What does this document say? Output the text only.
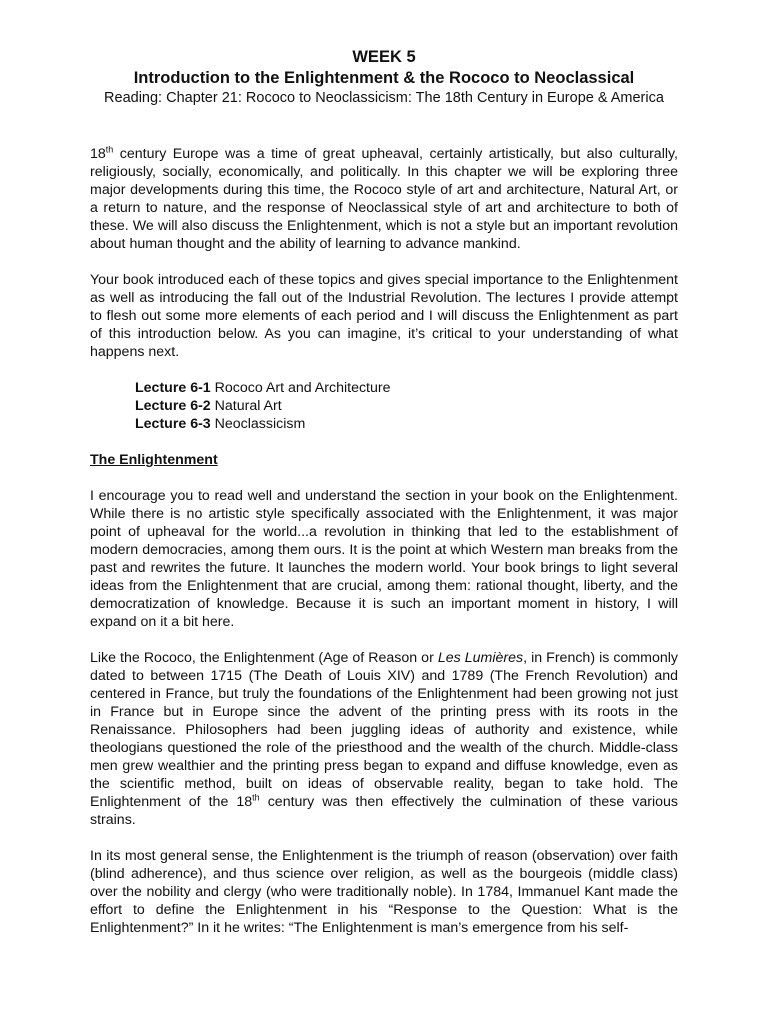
WEEK 5

Introduction to the Enlightenment & the Rococo to Neoclassical

Reading: Chapter 21: Rococo to Neoclassicism: The 18th Century in Europe & America

18th century Europe was a time of great upheaval, certainly artistically, but also culturally, religiously, socially, economically, and politically. In this chapter we will be exploring three major developments during this time, the Rococo style of art and architecture, Natural Art, or a return to nature, and the response of Neoclassical style of art and architecture to both of these. We will also discuss the Enlightenment, which is not a style but an important revolution about human thought and the ability of learning to advance mankind.

Your book introduced each of these topics and gives special importance to the Enlightenment as well as introducing the fall out of the Industrial Revolution. The lectures I provide attempt to flesh out some more elements of each period and I will discuss the Enlightenment as part of this introduction below. As you can imagine, it’s critical to your understanding of what happens next.

Lecture 6-1 Rococo Art and Architecture
Lecture 6-2 Natural Art
Lecture 6-3 Neoclassicism
The Enlightenment

I encourage you to read well and understand the section in your book on the Enlightenment. While there is no artistic style specifically associated with the Enlightenment, it was major point of upheaval for the world...a revolution in thinking that led to the establishment of modern democracies, among them ours. It is the point at which Western man breaks from the past and rewrites the future. It launches the modern world. Your book brings to light several ideas from the Enlightenment that are crucial, among them: rational thought, liberty, and the democratization of knowledge. Because it is such an important moment in history, I will expand on it a bit here.

Like the Rococo, the Enlightenment (Age of Reason or Les Lumières, in French) is commonly dated to between 1715 (The Death of Louis XIV) and 1789 (The French Revolution) and centered in France, but truly the foundations of the Enlightenment had been growing not just in France but in Europe since the advent of the printing press with its roots in the Renaissance. Philosophers had been juggling ideas of authority and existence, while theologians questioned the role of the priesthood and the wealth of the church. Middle-class men grew wealthier and the printing press began to expand and diffuse knowledge, even as the scientific method, built on ideas of observable reality, began to take hold. The Enlightenment of the 18th century was then effectively the culmination of these various strains.

In its most general sense, the Enlightenment is the triumph of reason (observation) over faith (blind adherence), and thus science over religion, as well as the bourgeois (middle class) over the nobility and clergy (who were traditionally noble). In 1784, Immanuel Kant made the effort to define the Enlightenment in his “Response to the Question: What is the Enlightenment?” In it he writes: “The Enlightenment is man’s emergence from his self-
